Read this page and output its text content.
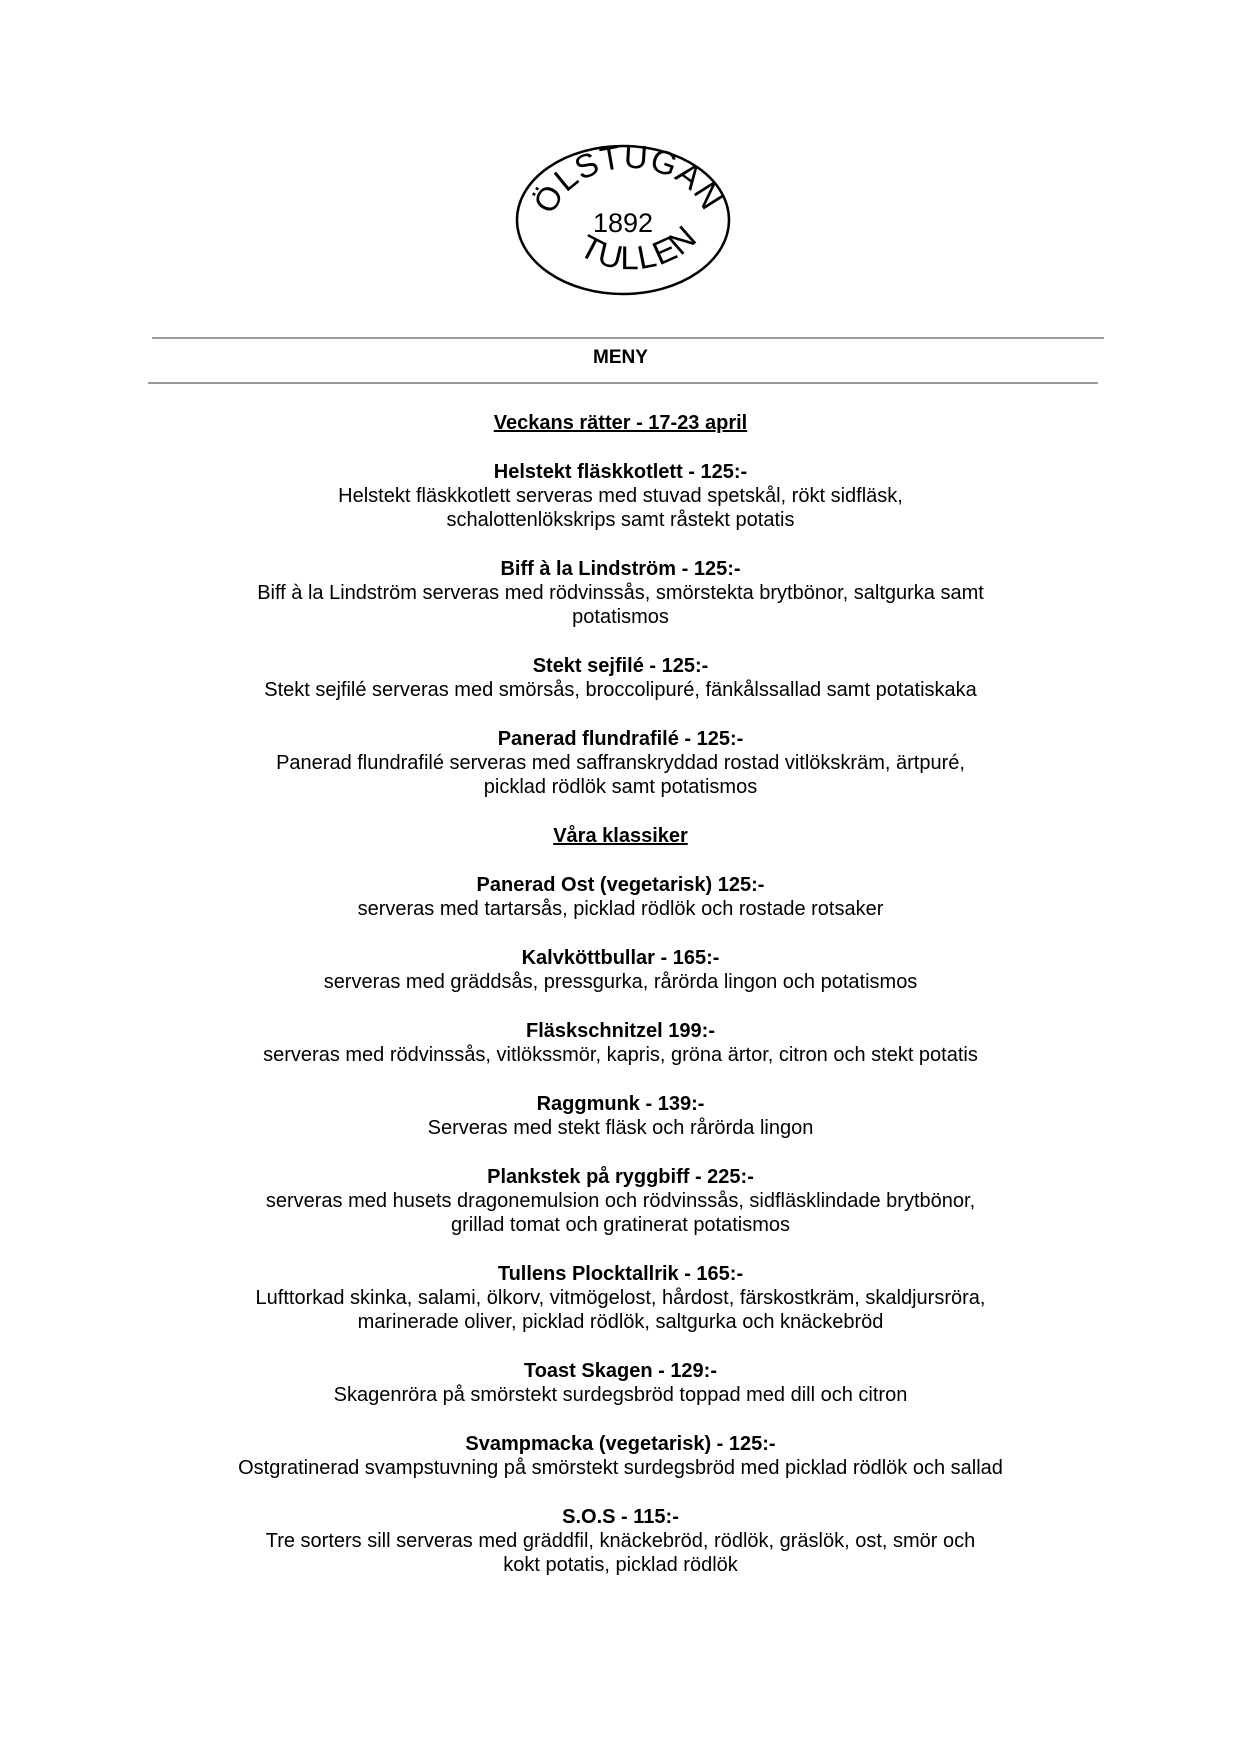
ÖLSTUGAN
1892
TULLEN
MENY
Veckans rätter - 17-23 april
Helstekt fläskkotlett - 125:-
Helstekt fläskkotlett serveras med stuvad spetskål, rökt sidfläsk,
schalottenlökskrips samt råstekt potatis
Biff à la Lindström - 125:-
Biff à la Lindström serveras med rödvinssås, smörstekta brytbönor, saltgurka samt
potatismos
Stekt sejfilé - 125:-
Stekt sejfilé serveras med smörsås, broccolipuré, fänkålssallad samt potatiskaka
Panerad flundrafilé - 125:-
Panerad flundrafilé serveras med saffranskryddad rostad vitlökskräm, ärtpuré,
picklad rödlök samt potatismos
Våra klassiker
Panerad Ost (vegetarisk) 125:-
serveras med tartarsås, picklad rödlök och rostade rotsaker
Kalvköttbullar - 165:-
serveras med gräddsås, pressgurka, rårörda lingon och potatismos
Fläskschnitzel 199:-
serveras med rödvinssås, vitlökssmör, kapris, gröna ärtor, citron och stekt potatis
Raggmunk - 139:-
Serveras med stekt fläsk och rårörda lingon
Plankstek på ryggbiff - 225:-
serveras med husets dragonemulsion och rödvinssås, sidfläsklindade brytbönor,
grillad tomat och gratinerat potatismos
Tullens Plocktallrik - 165:-
Lufttorkad skinka, salami, ölkorv, vitmögelost, hårdost, färskostkräm, skaldjursröra,
marinerade oliver, picklad rödlök, saltgurka och knäckebröd
Toast Skagen - 129:-
Skagenröra på smörstekt surdegsbröd toppad med dill och citron
Svampmacka (vegetarisk) - 125:-
Ostgratinerad svampstuvning på smörstekt surdegsbröd med picklad rödlök och sallad
S.O.S - 115:-
Tre sorters sill serveras med gräddfil, knäckebröd, rödlök, gräslök, ost, smör och
kokt potatis, picklad rödlök
